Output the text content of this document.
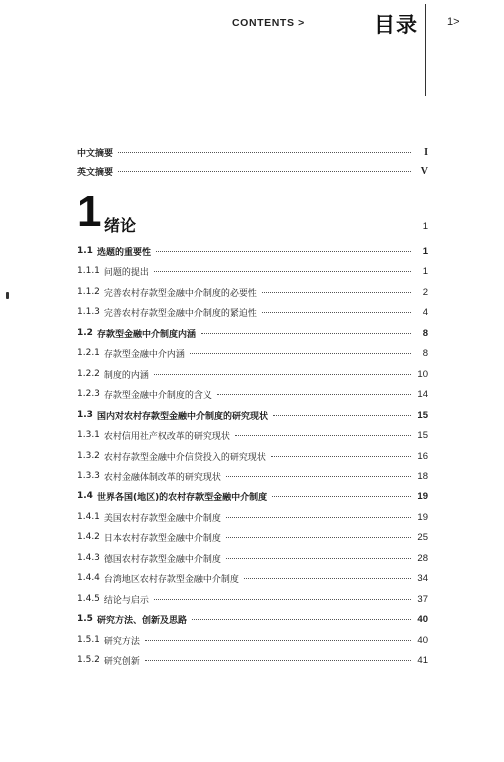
CONTENTS >	目录	1>
中文摘要	I
英文摘要	V
1 绪论	1
1.1 选题的重要性	1
1.1.1 问题的提出	1
1.1.2 完善农村存款型金融中介制度的必要性	2
1.1.3 完善农村存款型金融中介制度的紧迫性	4
1.2 存款型金融中介制度内涵	8
1.2.1 存款型金融中介内涵	8
1.2.2 制度的内涵	10
1.2.3 存款型金融中介制度的含义	14
1.3 国内对农村存款型金融中介制度的研究现状	15
1.3.1 农村信用社产权改革的研究现状	15
1.3.2 农村存款型金融中介信贷投入的研究现状	16
1.3.3 农村金融体制改革的研究现状	18
1.4 世界各国(地区)的农村存款型金融中介制度	19
1.4.1 美国农村存款型金融中介制度	19
1.4.2 日本农村存款型金融中介制度	25
1.4.3 德国农村存款型金融中介制度	28
1.4.4 台湾地区农村存款型金融中介制度	34
1.4.5 结论与启示	37
1.5 研究方法、创新及思路	40
1.5.1 研究方法	40
1.5.2 研究创新	41
